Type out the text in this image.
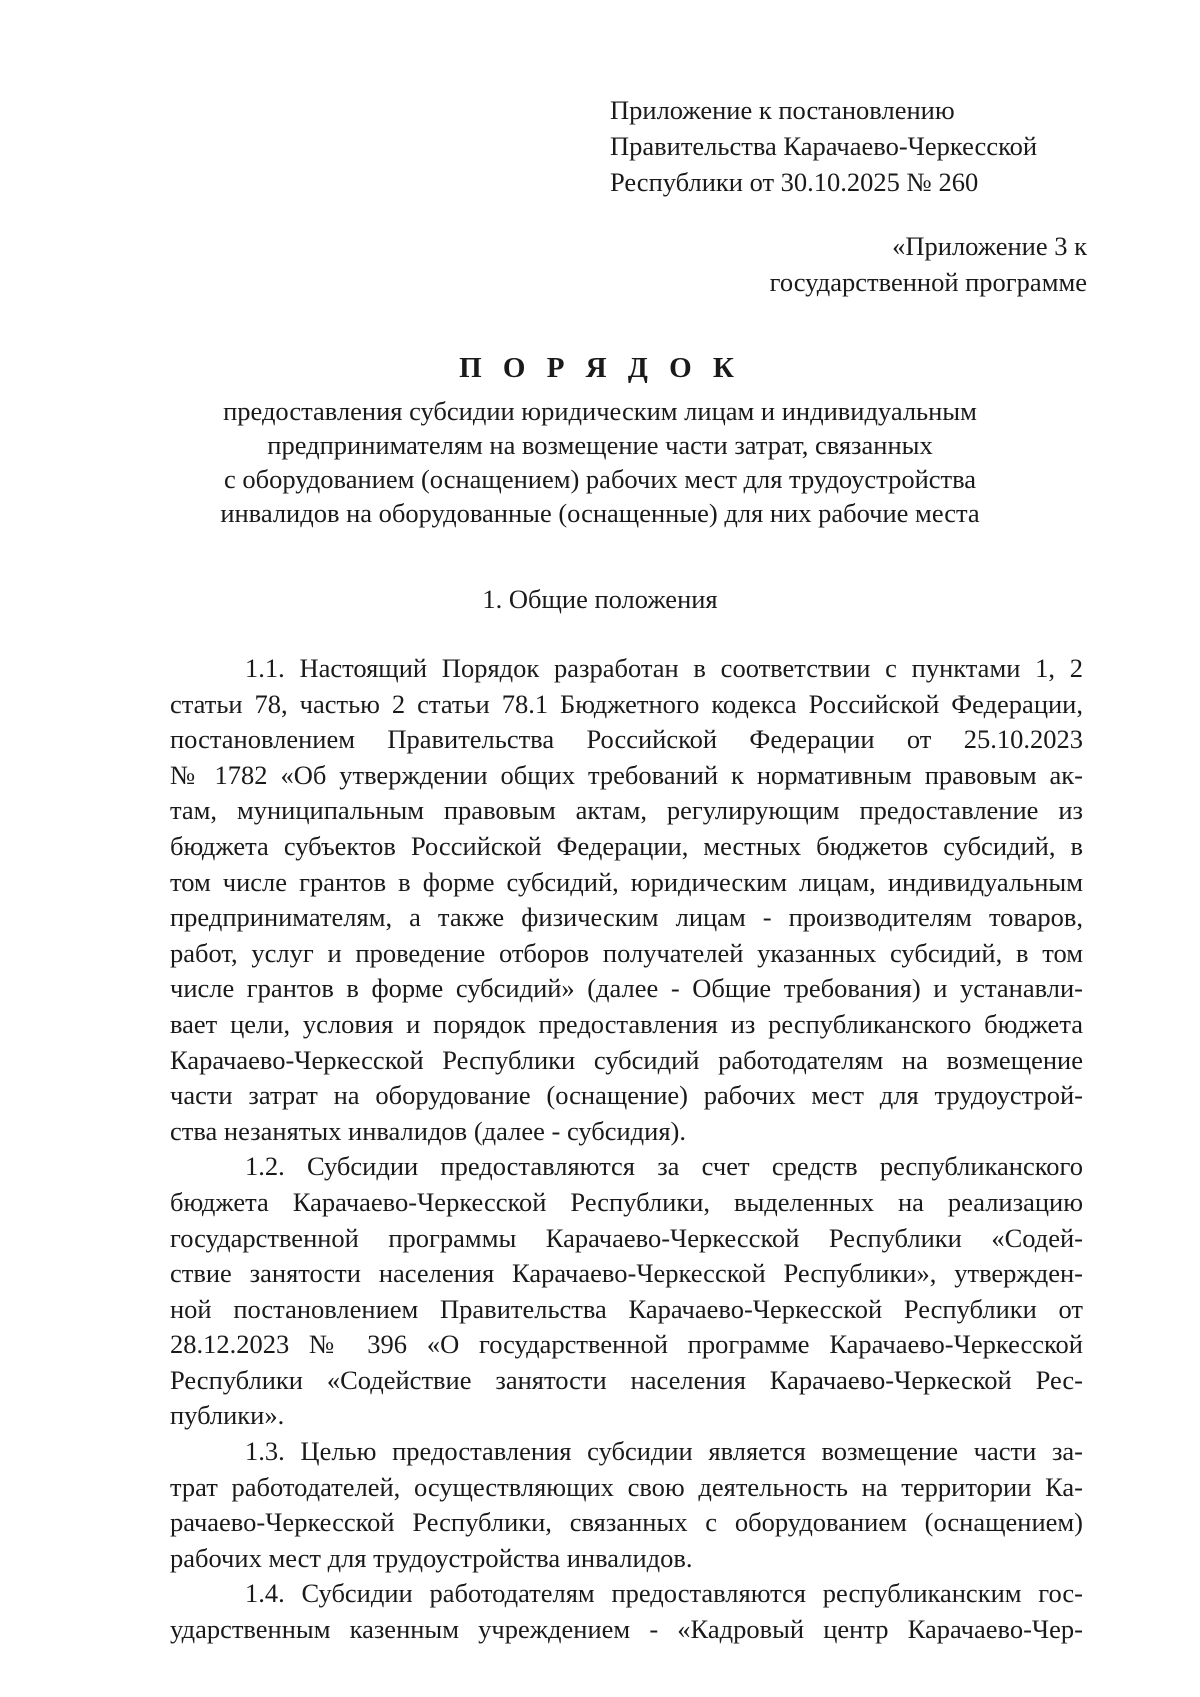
Приложение к постановлению
Правительства Карачаево-Черкесской
Республики от 30.10.2025 № 260
«Приложение 3 к
государственной программе
П О Р Я Д О К
предоставления субсидии юридическим лицам и индивидуальным
предпринимателям на возмещение части затрат, связанных
с оборудованием (оснащением) рабочих мест для трудоустройства
инвалидов на оборудованные (оснащенные) для них рабочие места
1. Общие положения
1.1. Настоящий Порядок разработан в соответствии с пунктами 1, 2
статьи 78, частью 2 статьи 78.1 Бюджетного кодекса Российской Федерации,
постановлением Правительства Российской Федерации от 25.10.2023
№ 1782 «Об утверждении общих требований к нормативным правовым ак-
там, муниципальным правовым актам, регулирующим предоставление из
бюджета субъектов Российской Федерации, местных бюджетов субсидий, в
том числе грантов в форме субсидий, юридическим лицам, индивидуальным
предпринимателям, а также физическим лицам - производителям товаров,
работ, услуг и проведение отборов получателей указанных субсидий, в том
числе грантов в форме субсидий» (далее - Общие требования) и устанавли-
вает цели, условия и порядок предоставления из республиканского бюджета
Карачаево-Черкесской Республики субсидий работодателям на возмещение
части затрат на оборудование (оснащение) рабочих мест для трудоустрой-
ства незанятых инвалидов (далее - субсидия).
1.2. Субсидии предоставляются за счет средств республиканского
бюджета Карачаево-Черкесской Республики, выделенных на реализацию
государственной программы Карачаево-Черкесской Республики «Содей-
ствие занятости населения Карачаево-Черкесской Республики», утвержден-
ной постановлением Правительства Карачаево-Черкесской Республики от
28.12.2023 № 396 «О государственной программе Карачаево-Черкесской
Республики «Содействие занятости населения Карачаево-Черкеской Рес-
публики».
1.3. Целью предоставления субсидии является возмещение части за-
трат работодателей, осуществляющих свою деятельность на территории Ка-
рачаево-Черкесской Республики, связанных с оборудованием (оснащением)
рабочих мест для трудоустройства инвалидов.
1.4. Субсидии работодателям предоставляются республиканским гос-
ударственным казенным учреждением - «Кадровый центр Карачаево-Чер-
